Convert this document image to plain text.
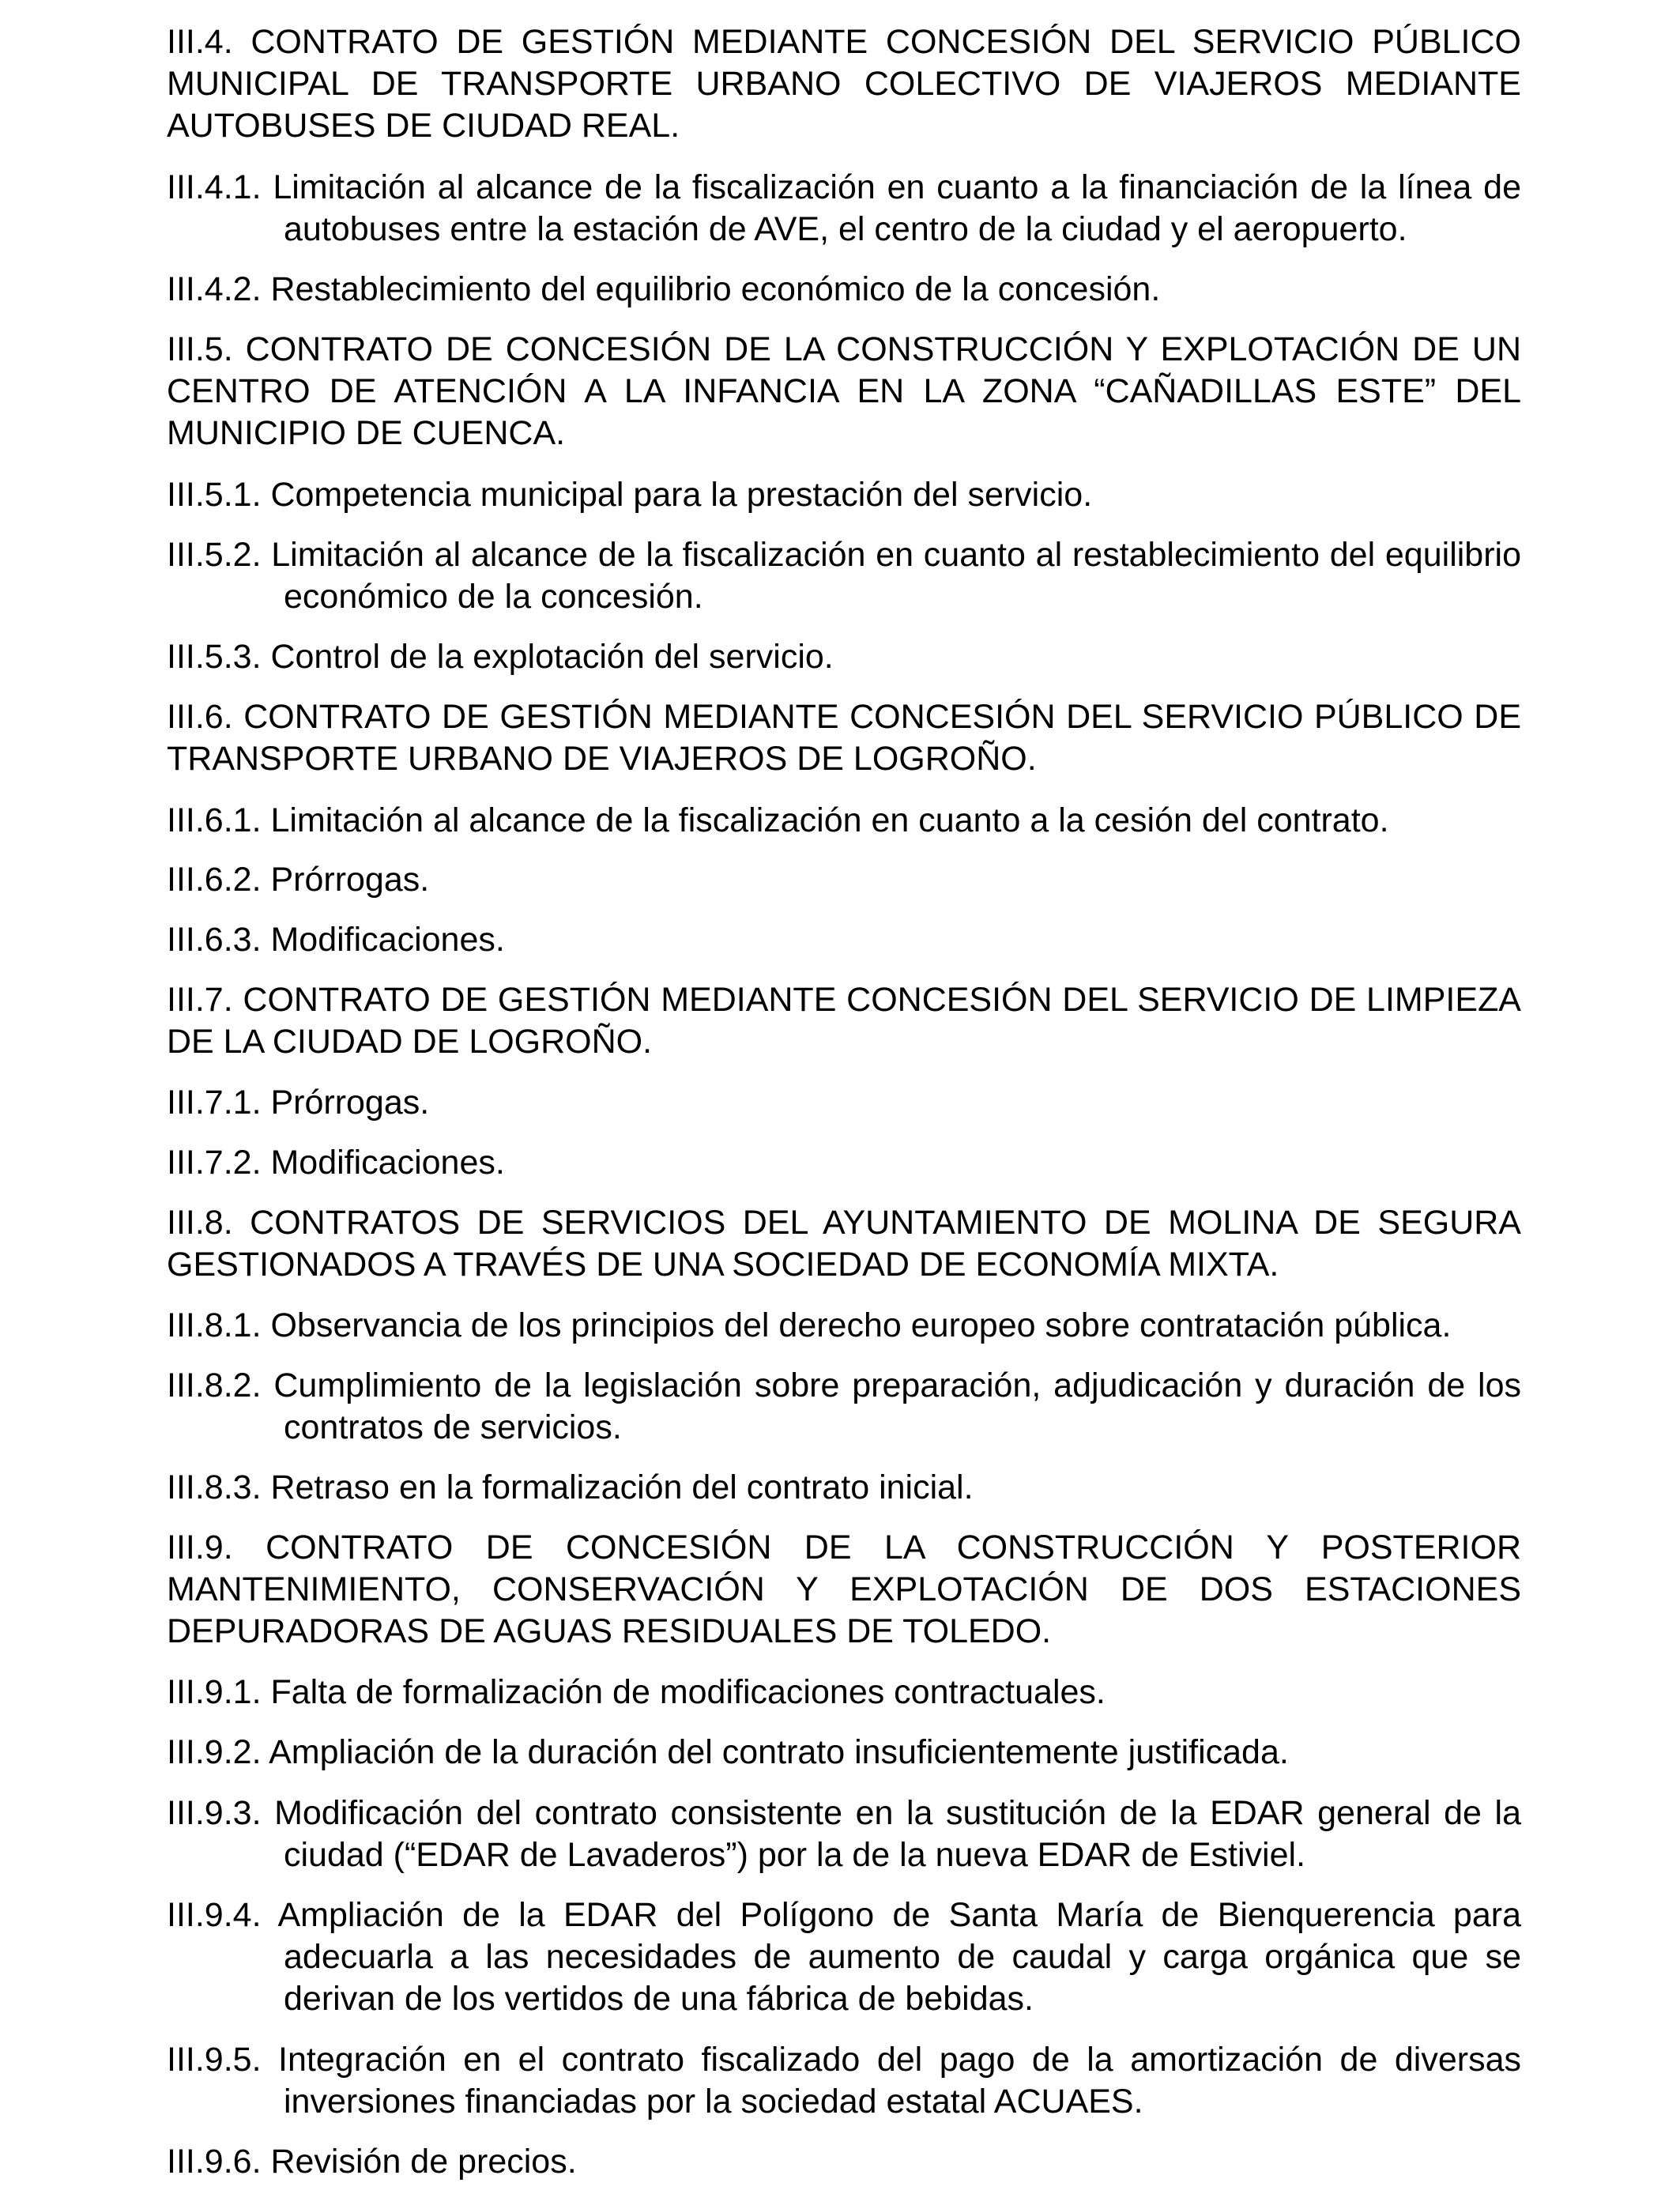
III.4. CONTRATO DE GESTIÓN MEDIANTE CONCESIÓN DEL SERVICIO PÚBLICO MUNICIPAL DE TRANSPORTE URBANO COLECTIVO DE VIAJEROS MEDIANTE AUTOBUSES DE CIUDAD REAL.
III.4.1. Limitación al alcance de la fiscalización en cuanto a la financiación de la línea de autobuses entre la estación de AVE, el centro de la ciudad y el aeropuerto.
III.4.2. Restablecimiento del equilibrio económico de la concesión.
III.5. CONTRATO DE CONCESIÓN DE LA CONSTRUCCIÓN Y EXPLOTACIÓN DE UN CENTRO DE ATENCIÓN A LA INFANCIA EN LA ZONA “CAÑADILLAS ESTE” DEL MUNICIPIO DE CUENCA.
III.5.1. Competencia municipal para la prestación del servicio.
III.5.2. Limitación al alcance de la fiscalización en cuanto al restablecimiento del equilibrio económico de la concesión.
III.5.3. Control de la explotación del servicio.
III.6. CONTRATO DE GESTIÓN MEDIANTE CONCESIÓN DEL SERVICIO PÚBLICO DE TRANSPORTE URBANO DE VIAJEROS DE LOGROÑO.
III.6.1. Limitación al alcance de la fiscalización en cuanto a la cesión del contrato.
III.6.2. Prórrogas.
III.6.3. Modificaciones.
III.7. CONTRATO DE GESTIÓN MEDIANTE CONCESIÓN DEL SERVICIO DE LIMPIEZA DE LA CIUDAD DE LOGROÑO.
III.7.1. Prórrogas.
III.7.2. Modificaciones.
III.8. CONTRATOS DE SERVICIOS DEL AYUNTAMIENTO DE MOLINA DE SEGURA GESTIONADOS A TRAVÉS DE UNA SOCIEDAD DE ECONOMÍA MIXTA.
III.8.1. Observancia de los principios del derecho europeo sobre contratación pública.
III.8.2. Cumplimiento de la legislación sobre preparación, adjudicación y duración de los contratos de servicios.
III.8.3. Retraso en la formalización del contrato inicial.
III.9. CONTRATO DE CONCESIÓN DE LA CONSTRUCCIÓN Y POSTERIOR MANTENIMIENTO, CONSERVACIÓN Y EXPLOTACIÓN DE DOS ESTACIONES DEPURADORAS DE AGUAS RESIDUALES DE TOLEDO.
III.9.1. Falta de formalización de modificaciones contractuales.
III.9.2. Ampliación de la duración del contrato insuficientemente justificada.
III.9.3. Modificación del contrato consistente en la sustitución de la EDAR general de la ciudad (“EDAR de Lavaderos”) por la de la nueva EDAR de Estiviel.
III.9.4. Ampliación de la EDAR del Polígono de Santa María de Bienquerencia para adecuarla a las necesidades de aumento de caudal y carga orgánica que se derivan de los vertidos de una fábrica de bebidas.
III.9.5. Integración en el contrato fiscalizado del pago de la amortización de diversas inversiones financiadas por la sociedad estatal ACUAES.
III.9.6. Revisión de precios.
